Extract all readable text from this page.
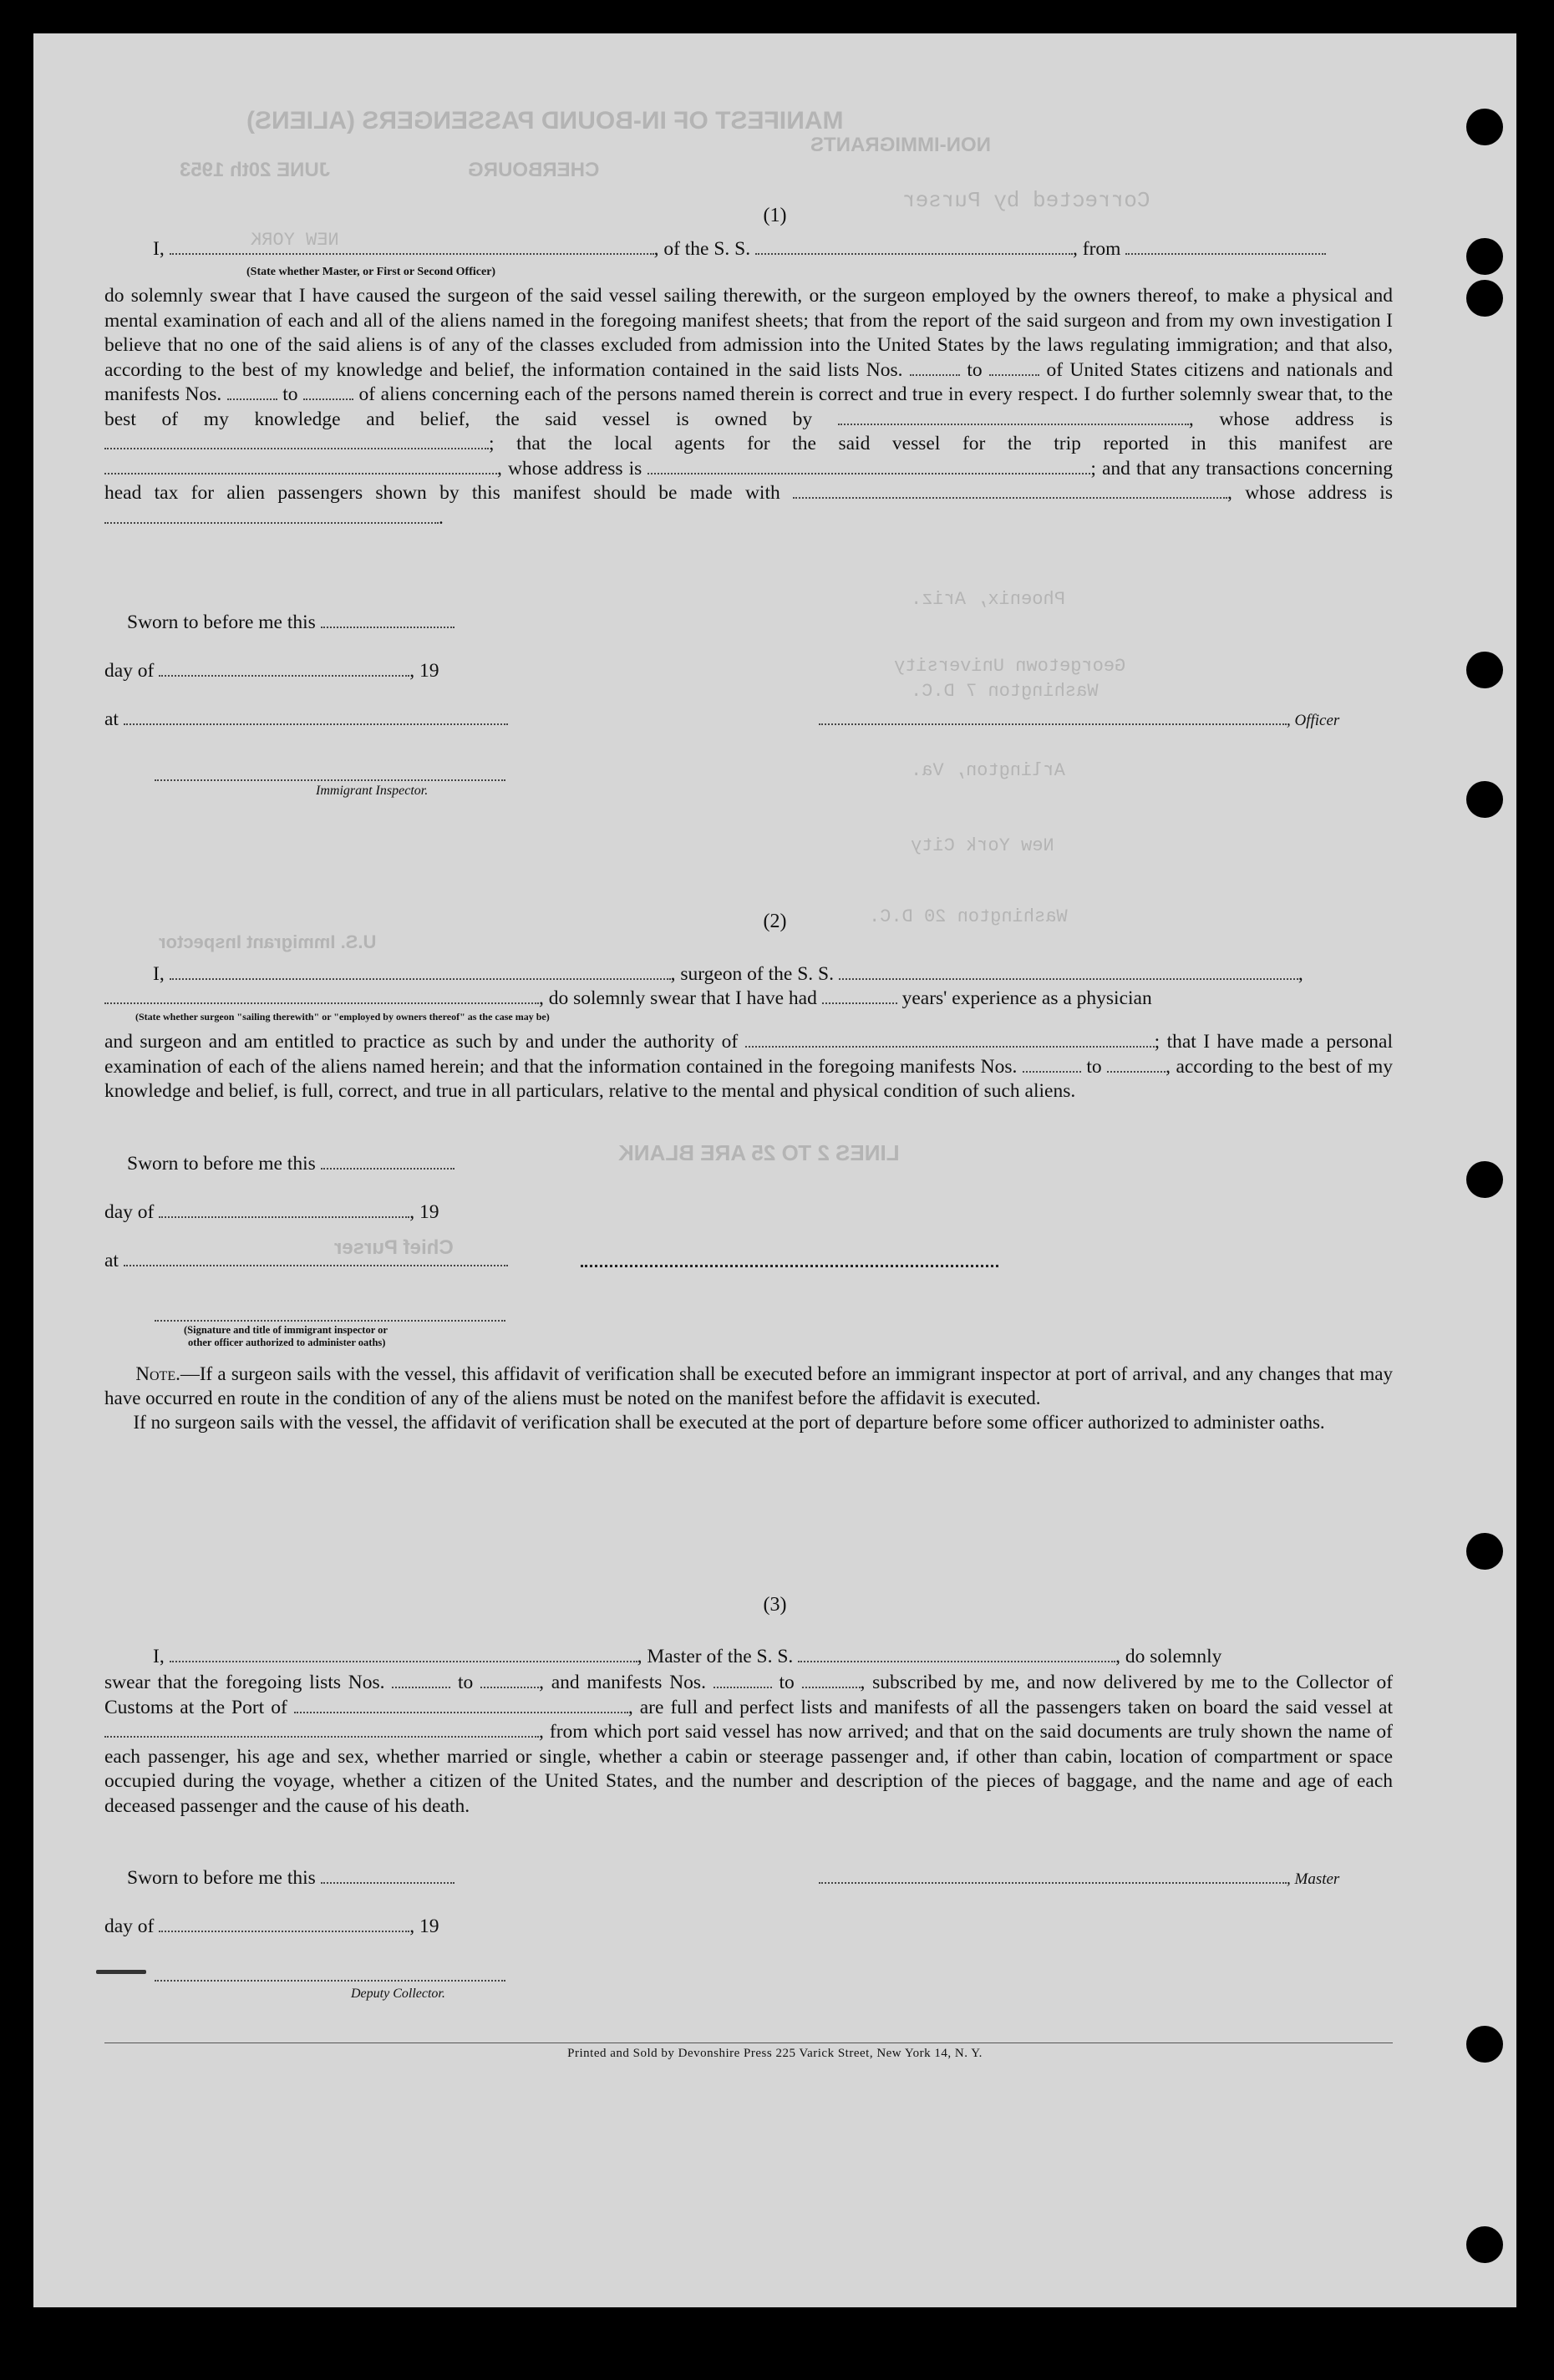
MANIFEST OF IN-BOUND PASSENGERS (ALIENS)
NON-IMMIGRANTS
JUNE 20th 1953	CHERBOURG
Corrected by Purser
NEW YORK
Phoenix, Ariz.
Georgetown University
Washington 7 D.C.
Arlington, Va.
New York City
Washington 20 D.C.
LINES 2 TO 25 ARE BLANK
Chief Purser
U.S. Immigrant Inspector
(1)
I,	, of the S. S.	, from
(State whether Master, or First or Second Officer)
do solemnly swear that I have caused the surgeon of the said vessel sailing therewith, or the surgeon employed by the owners thereof, to make a physical and mental examination of each and all of the aliens named in the foregoing manifest sheets; that from the report of the said surgeon and from my own investigation I believe that no one of the said aliens is of any of the classes excluded from admission into the United States by the laws regulating immigration; and that also, according to the best of my knowledge and belief, the information contained in the said lists Nos.	to	of United States citizens and nationals and manifests Nos.	to	of aliens concerning each of the persons named therein is correct and true in every respect. I do further solemnly swear that, to the best of my knowledge and belief, the said vessel is owned by	, whose address is ; that the local agents for the said vessel for the trip reported in this manifest are , whose address is	; and that any transactions concerning head tax for alien passengers shown by this manifest should be made with	, whose address is .
Sworn to before me this
day of	, 19
at	, Officer
Immigrant Inspector.
(2)
I,	, surgeon of the S. S.	,
, do solemnly swear that I have had	years' experience as a physician
(State whether surgeon "sailing therewith" or "employed by owners thereof" as the case may be)
and surgeon and am entitled to practice as such by and under the authority of	; that I have made a personal examination of each of the aliens named herein; and that the information contained in the foregoing manifests Nos.	to	, according to the best of my knowledge and belief, is full, correct, and true in all particulars, relative to the mental and physical condition of such aliens.
Sworn to before me this
day of	, 19
at
(Signature and title of immigrant inspector or
other officer authorized to administer oaths)
Note.—If a surgeon sails with the vessel, this affidavit of verification shall be executed before an immigrant inspector at port of arrival, and any changes that may have occurred en route in the condition of any of the aliens must be noted on the manifest before the affidavit is executed.
If no surgeon sails with the vessel, the affidavit of verification shall be executed at the port of departure before some officer authorized to administer oaths.
(3)
I,	, Master of the S. S.	, do solemnly
swear that the foregoing lists Nos.	to	, and manifests Nos.	to	, subscribed by me, and now delivered by me to the Collector of Customs at the Port of	, are full and perfect lists and manifests of all the passengers taken on board the said vessel at , from which port said vessel has now arrived; and that on the said documents are truly shown the name of each passenger, his age and sex, whether married or single, whether a cabin or steerage passenger and, if other than cabin, location of compartment or space occupied during the voyage, whether a citizen of the United States, and the number and description of the pieces of baggage, and the name and age of each deceased passenger and the cause of his death.
Sworn to before me this	, Master
day of	, 19
Deputy Collector.
Printed and Sold by Devonshire Press 225 Varick Street, New York 14, N. Y.
